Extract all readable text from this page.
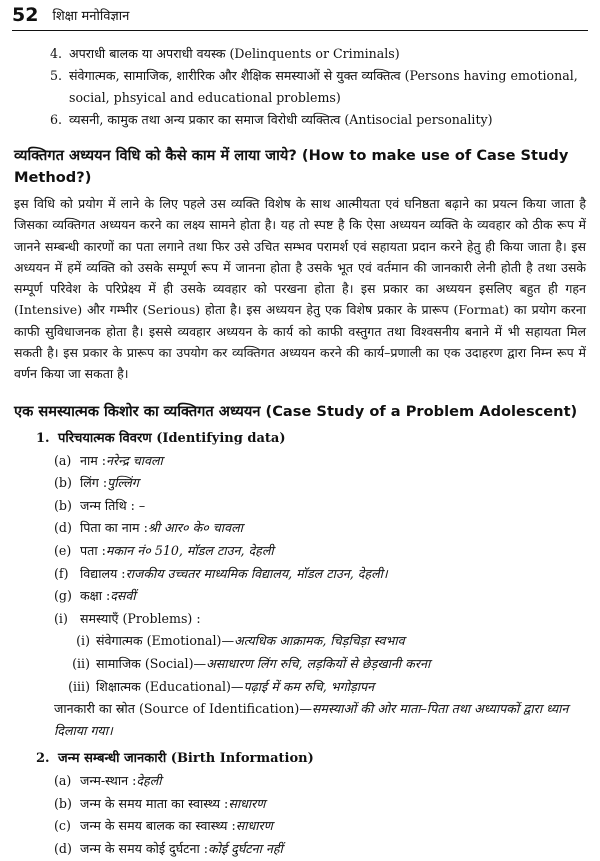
52 शिक्षा मनोविज्ञान
4. अपराधी बालक या अपराधी वयस्क (Delinquents or Criminals)
5. संवेगात्मक, सामाजिक, शारीरिक और शैक्षिक समस्याओं से युक्त व्यक्तित्व (Persons having emotional, social, phsyical and educational problems)
6. व्यसनी, कामुक तथा अन्य प्रकार का समाज विरोधी व्यक्तित्व (Antisocial personality)
व्यक्तिगत अध्ययन विधि को कैसे काम में लाया जाये? (How to make use of Case Study Method?)

इस विधि को प्रयोग में लाने के लिए पहले उस व्यक्ति विशेष के साथ आत्मीयता एवं घनिष्ठता बढ़ाने का प्रयत्न किया जाता है जिसका व्यक्तिगत अध्ययन करने का लक्ष्य सामने होता है। यह तो स्पष्ट है कि ऐसा अध्ययन व्यक्ति के व्यवहार को ठीक रूप में जानने सम्बन्धी कारणों का पता लगाने तथा फिर उसे उचित सम्भव परामर्श एवं सहायता प्रदान करने हेतु ही किया जाता है। इस अध्ययन में हमें व्यक्ति को उसके सम्पूर्ण रूप में जानना होता है उसके भूत एवं वर्तमान की जानकारी लेनी होती है तथा उसके सम्पूर्ण परिवेश के परिप्रेक्ष्य में ही उसके व्यवहार को परखना होता है। इस प्रकार का अध्ययन इसलिए बहुत ही गहन (Intensive) और गम्भीर (Serious) होता है। इस अध्ययन हेतु एक विशेष प्रकार के प्रारूप (Format) का प्रयोग करना काफी सुविधाजनक होता है। इससे व्यवहार अध्ययन के कार्य को काफी वस्तुगत तथा विश्वसनीय बनाने में भी सहायता मिल सकती है। इस प्रकार के प्रारूप का उपयोग कर व्यक्तिगत अध्ययन करने की कार्य–प्रणाली का एक उदाहरण द्वारा निम्न रूप में वर्णन किया जा सकता है।

एक समस्यात्मक किशोर का व्यक्तिगत अध्ययन (Case Study of a Problem Adolescent)
1. परिचयात्मक विवरण (Identifying data)
(a) नाम : नरेन्द्र चावला
(b) लिंग : पुल्लिंग
(b) जन्म तिथि : –
(d) पिता का नाम : श्री आर० के० चावला
(e) पता : मकान नं० 510, मॉडल टाउन, देहली
(f) विद्यालय : राजकीय उच्चतर माध्यमिक विद्यालय, मॉडल टाउन, देहली।
(g) कक्षा : दसवीं
(i) समस्याएँ (Problems) :
(i) संवेगात्मक (Emotional)— अत्यधिक आक्रामक, चिड़चिड़ा स्वभाव
(ii) सामाजिक (Social)— असाधारण लिंग रुचि, लड़कियों से छेड़खानी करना
(iii) शिक्षात्मक (Educational)— पढ़ाई में कम रुचि, भगोड़ापन

जानकारी का स्रोत (Source of Identification)—समस्याओं की ओर माता–पिता तथा अध्यापकों द्वारा ध्यान दिलाया गया।

2. जन्म सम्बन्धी जानकारी (Birth Information)
(a) जन्म-स्थान : देहली
(b) जन्म के समय माता का स्वास्थ्य : साधारण
(c) जन्म के समय बालक का स्वास्थ्य : साधारण
(d) जन्म के समय कोई दुर्घटना : कोई दुर्घटना नहीं
